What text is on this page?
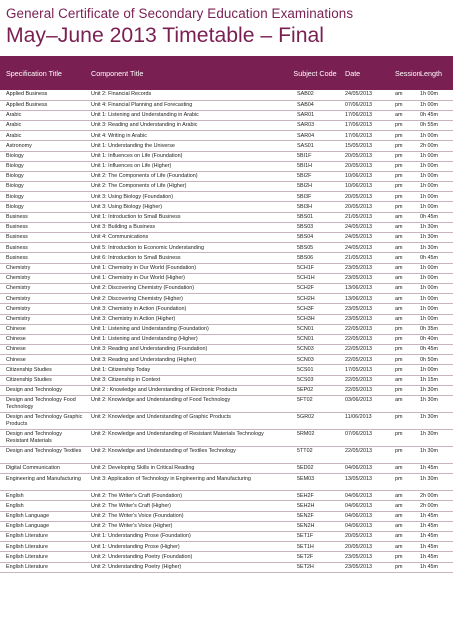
General Certificate of Secondary Education Examinations
May–June 2013 Timetable – Final
Specification Title	Component Title	Subject Code	Date	Session	Length
Applied Business	Unit 2: Financial Records	SAB02	24/05/2013	am	1h 00m
Applied Business	Unit 4: Financial Planning and Forecasting	SAB04	07/06/2013	pm	1h 00m
Arabic	Unit 1: Listening and Understanding in Arabic	SAR01	17/06/2013	am	0h 45m
Arabic	Unit 3: Reading and Understanding in Arabic	SAR03	17/06/2013	pm	0h 55m
Arabic	Unit 4: Writing in Arabic	SAR04	17/06/2013	pm	1h 00m
Astronomy	Unit 1: Understanding the Universe	SAS01	15/05/2013	pm	2h 00m
Biology	Unit 1: Influences on Life (Foundation)	5BI1F	20/05/2013	pm	1h 00m
Biology	Unit 1: Influences on Life (Higher)	5BI1H	20/05/2013	pm	1h 00m
Biology	Unit 2: The Components of Life (Foundation)	5BI2F	10/06/2013	pm	1h 00m
Biology	Unit 2: The Components of Life (Higher)	5BI2H	10/06/2013	pm	1h 00m
Biology	Unit 3: Using Biology (Foundation)	5BI3F	20/05/2013	pm	1h 00m
Biology	Unit 3: Using Biology (Higher)	5BI3H	20/05/2013	pm	1h 00m
Business	Unit 1: Introduction to Small Business	5BS01	21/05/2013	am	0h 45m
Business	Unit 3: Building a Business	5BS03	24/05/2013	am	1h 30m
Business	Unit 4: Communications	5BS04	24/05/2013	am	1h 30m
Business	Unit 5: Introduction to Economic Understanding	5BS05	24/05/2013	am	1h 30m
Business	Unit 6: Introduction to Small Business	5BS06	21/05/2013	am	0h 45m
Chemistry	Unit 1: Chemistry in Our World (Foundation)	5CH1F	23/05/2013	am	1h 00m
Chemistry	Unit 1: Chemistry in Our World (Higher)	5CH1H	23/05/2013	am	1h 00m
Chemistry	Unit 2: Discovering Chemistry (Foundation)	5CH2F	13/06/2013	am	1h 00m
Chemistry	Unit 2: Discovering Chemistry (Higher)	5CH2H	13/06/2013	am	1h 00m
Chemistry	Unit 3: Chemistry in Action (Foundation)	5CH3F	23/05/2013	am	1h 00m
Chemistry	Unit 3: Chemistry in Action (Higher)	5CH3H	23/05/2013	am	1h 00m
Chinese	Unit 1: Listening and Understanding (Foundation)	5CN01	22/05/2013	pm	0h 35m
Chinese	Unit 1: Listening and Understanding (Higher)	5CN01	22/05/2013	pm	0h 40m
Chinese	Unit 3: Reading and Understanding (Foundation)	5CN03	22/05/2013	pm	0h 45m
Chinese	Unit 3: Reading and Understanding (Higher)	5CN03	22/05/2013	pm	0h 50m
Citizenship Studies	Unit 1: Citizenship Today	5CS01	17/05/2013	pm	1h 00m
Citizenship Studies	Unit 3: Citizenship in Context	5CS03	22/05/2013	am	1h 15m
Design and Technology	Unit 2 : Knowledge and Understanding of Electronic Products	5EP02	22/05/2013	pm	1h 30m
Design and Technology Food Technology	Unit 2: Knowledge and Understanding of Food Technology	5FT02	03/06/2013	am	1h 30m
Design and Technology Graphic Products	Unit 2: Knowledge and Understanding of Graphic Products	5GR02	11/06/2013	pm	1h 30m
Design and Technology Resistant Materials	Unit 2: Knowledge and Understanding of Resistant Materials Technology	5RM02	07/06/2013	pm	1h 30m
Design and Technology Textiles	Unit 2: Knowledge and Understanding of Textiles Technology	5TT02	22/05/2013	pm	1h 30m
Digital Communication	Unit 2: Developing Skills in Critical Reading	5ED02	04/06/2013	am	1h 45m
Engineering and Manufacturing	Unit 3: Application of Technology in Engineering and Manufacturing	5EM03	13/05/2013	pm	1h 30m
English	Unit 2: The Writer's Craft (Foundation)	5EH2F	04/06/2013	am	2h 00m
English	Unit 2: The Writer's Craft (Higher)	5EH2H	04/06/2013	am	2h 00m
English Language	Unit 2: The Writer's Voice (Foundation)	5EN2F	04/06/2013	am	1h 45m
English Language	Unit 2: The Writer's Voice (Higher)	5EN2H	04/06/2013	am	1h 45m
English Literature	Unit 1: Understanding Prose (Foundation)	5ET1F	20/05/2013	am	1h 45m
English Literature	Unit 1: Understanding Prose (Higher)	5ET1H	20/05/2013	am	1h 45m
English Literature	Unit 2: Understanding Poetry (Foundation)	5ET2F	23/05/2013	pm	1h 45m
English Literature	Unit 2: Understanding Poetry (Higher)	5ET2H	23/05/2013	pm	1h 45m
